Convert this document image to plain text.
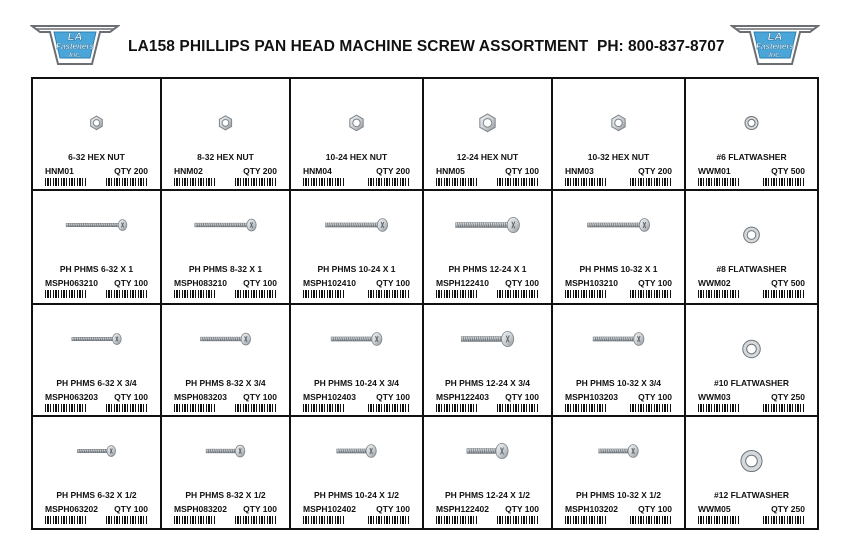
LA
Fasteners
Inc.
LA158 PHILLIPS PAN HEAD MACHINE SCREW ASSORTMENT PH: 800-837-8707
LA
Fasteners
Inc.
6-32 HEX NUT
HNM01	QTY 200
8-32 HEX NUT
HNM02	QTY 200
10-24 HEX NUT
HNM04	QTY 200
12-24 HEX NUT
HNM05	QTY 100
10-32 HEX NUT
HNM03	QTY 200
#6 FLATWASHER
WWM01	QTY 500
PH PHMS 6-32 X 1
MSPH063210 QTY 100
PH PHMS 8-32 X 1
MSPH083210 QTY 100
PH PHMS 10-24 X 1
MSPH102410 QTY 100
PH PHMS 12-24 X 1
MSPH122410 QTY 100
PH PHMS 10-32 X 1
MSPH103210 QTY 100
#8 FLATWASHER
WWM02	QTY 500
PH PHMS 6-32 X 3/4
MSPH063203 QTY 100
PH PHMS 8-32 X 3/4
MSPH083203 QTY 100
PH PHMS 10-24 X 3/4
MSPH102403 QTY 100
PH PHMS 12-24 X 3/4
MSPH122403 QTY 100
PH PHMS 10-32 X 3/4
MSPH103203 QTY 100
#10 FLATWASHER
WWM03	QTY 250
PH PHMS 6-32 X 1/2
MSPH063202 QTY 100
PH PHMS 8-32 X 1/2
MSPH083202 QTY 100
PH PHMS 10-24 X 1/2
MSPH102402 QTY 100
PH PHMS 12-24 X 1/2
MSPH122402 QTY 100
PH PHMS 10-32 X 1/2
MSPH103202 QTY 100
#12 FLATWASHER
WWM05	QTY 250
